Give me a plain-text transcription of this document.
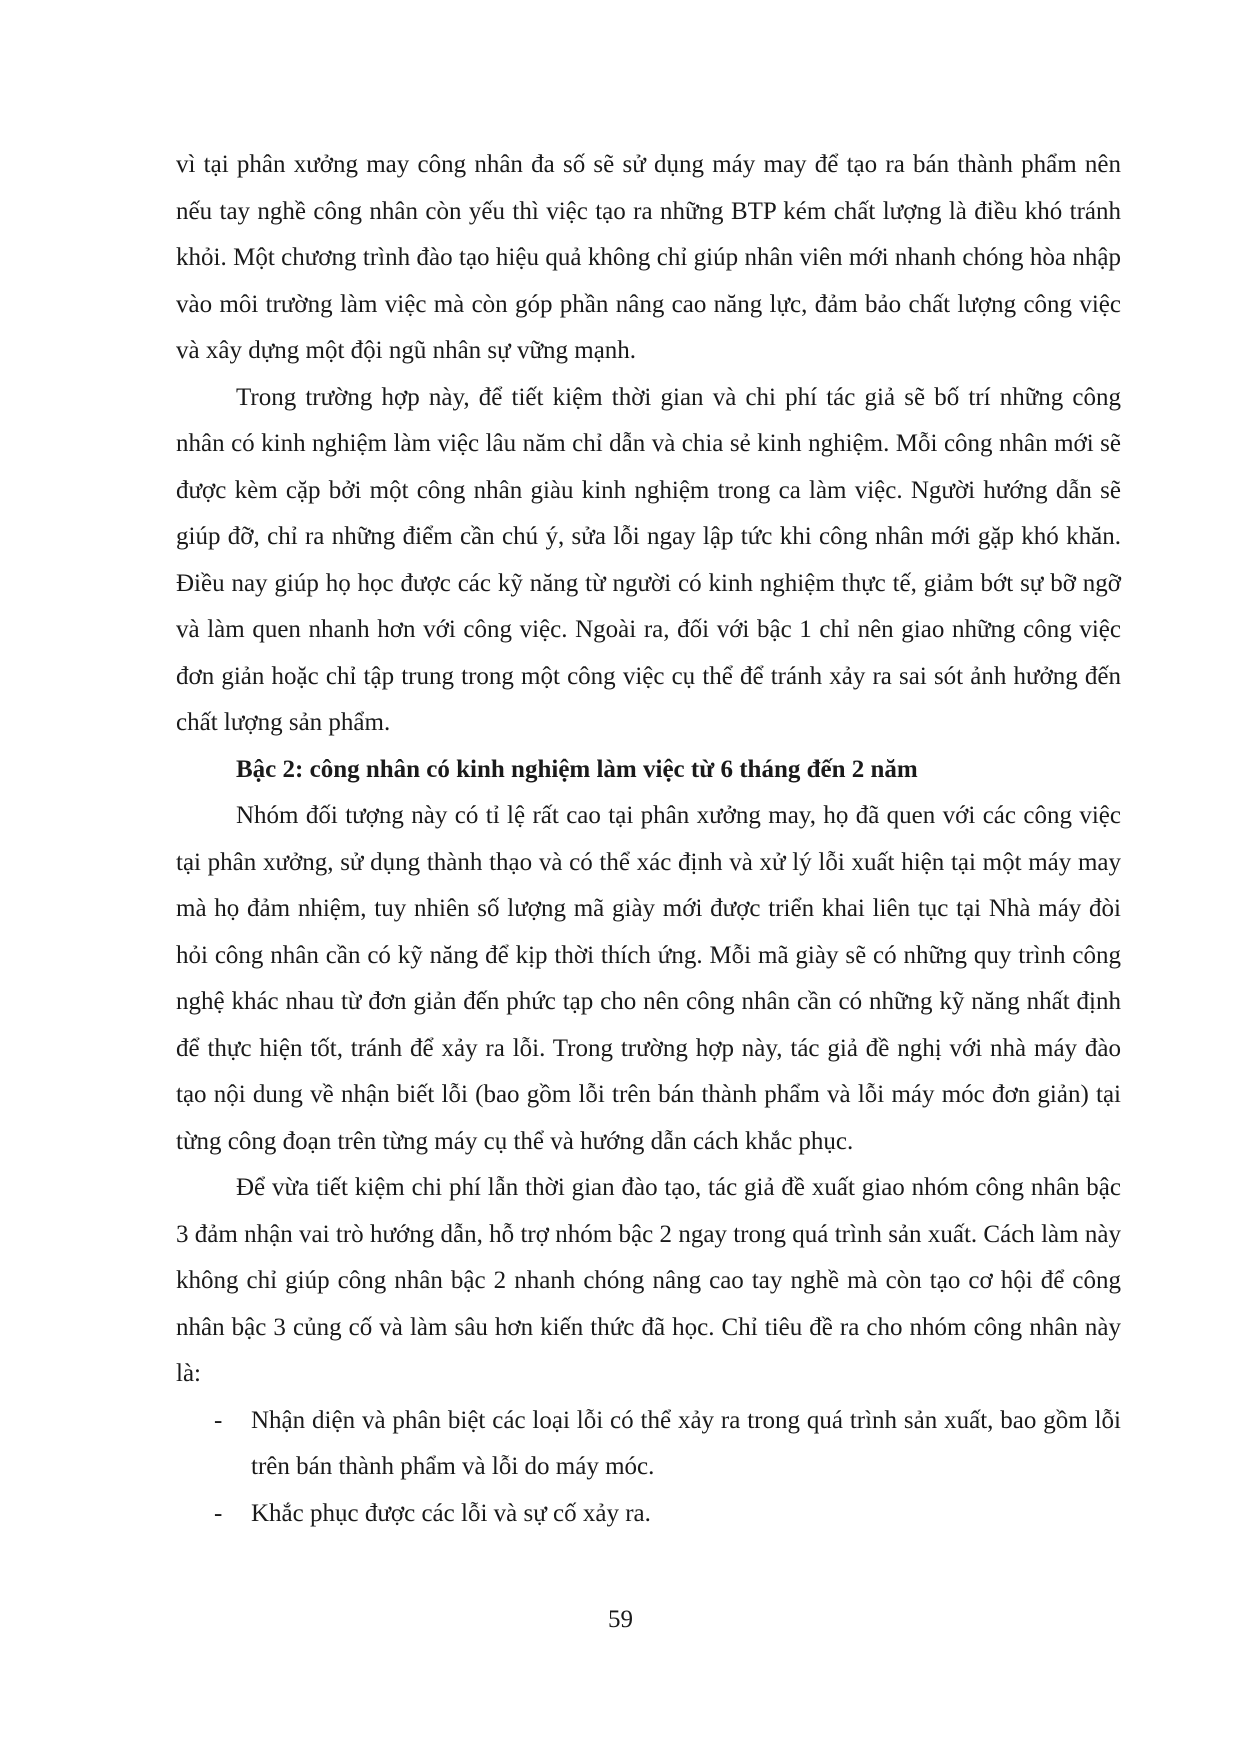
vì tại phân xưởng may công nhân đa số sẽ sử dụng máy may để tạo ra bán thành phẩm nên nếu tay nghề công nhân còn yếu thì việc tạo ra những BTP kém chất lượng là điều khó tránh khỏi. Một chương trình đào tạo hiệu quả không chỉ giúp nhân viên mới nhanh chóng hòa nhập vào môi trường làm việc mà còn góp phần nâng cao năng lực, đảm bảo chất lượng công việc và xây dựng một đội ngũ nhân sự vững mạnh.

Trong trường hợp này, để tiết kiệm thời gian và chi phí tác giả sẽ bố trí những công nhân có kinh nghiệm làm việc lâu năm chỉ dẫn và chia sẻ kinh nghiệm. Mỗi công nhân mới sẽ được kèm cặp bởi một công nhân giàu kinh nghiệm trong ca làm việc. Người hướng dẫn sẽ giúp đỡ, chỉ ra những điểm cần chú ý, sửa lỗi ngay lập tức khi công nhân mới gặp khó khăn. Điều nay giúp họ học được các kỹ năng từ người có kinh nghiệm thực tế, giảm bớt sự bỡ ngỡ và làm quen nhanh hơn với công việc. Ngoài ra, đối với bậc 1 chỉ nên giao những công việc đơn giản hoặc chỉ tập trung trong một công việc cụ thể để tránh xảy ra sai sót ảnh hưởng đến chất lượng sản phẩm.

Bậc 2: công nhân có kinh nghiệm làm việc từ 6 tháng đến 2 năm

Nhóm đối tượng này có tỉ lệ rất cao tại phân xưởng may, họ đã quen với các công việc tại phân xưởng, sử dụng thành thạo và có thể xác định và xử lý lỗi xuất hiện tại một máy may mà họ đảm nhiệm, tuy nhiên số lượng mã giày mới được triển khai liên tục tại Nhà máy đòi hỏi công nhân cần có kỹ năng để kịp thời thích ứng. Mỗi mã giày sẽ có những quy trình công nghệ khác nhau từ đơn giản đến phức tạp cho nên công nhân cần có những kỹ năng nhất định để thực hiện tốt, tránh để xảy ra lỗi. Trong trường hợp này, tác giả đề nghị với nhà máy đào tạo nội dung về nhận biết lỗi (bao gồm lỗi trên bán thành phẩm và lỗi máy móc đơn giản) tại từng công đoạn trên từng máy cụ thể và hướng dẫn cách khắc phục.

Để vừa tiết kiệm chi phí lẫn thời gian đào tạo, tác giả đề xuất giao nhóm công nhân bậc 3 đảm nhận vai trò hướng dẫn, hỗ trợ nhóm bậc 2 ngay trong quá trình sản xuất. Cách làm này không chỉ giúp công nhân bậc 2 nhanh chóng nâng cao tay nghề mà còn tạo cơ hội để công nhân bậc 3 củng cố và làm sâu hơn kiến thức đã học. Chỉ tiêu đề ra cho nhóm công nhân này là:

- Nhận diện và phân biệt các loại lỗi có thể xảy ra trong quá trình sản xuất, bao gồm lỗi trên bán thành phẩm và lỗi do máy móc.
- Khắc phục được các lỗi và sự cố xảy ra.
59
